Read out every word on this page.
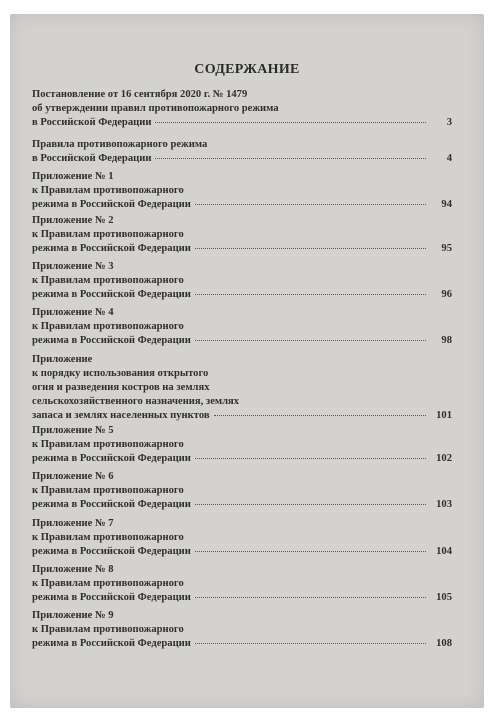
СОДЕРЖАНИЕ
Постановление от 16 сентября 2020 г. № 1479
об утверждении правил противопожарного режима
в Российской Федерации	3
Правила противопожарного режима
в Российской Федерации	4
Приложение № 1
к Правилам противопожарного
режима в Российской Федерации	94
Приложение № 2
к Правилам противопожарного
режима в Российской Федерации	95
Приложение № 3
к Правилам противопожарного
режима в Российской Федерации	96
Приложение № 4
к Правилам противопожарного
режима в Российской Федерации	98
Приложение
к порядку использования открытого
огня и разведения костров на землях
сельскохозяйственного назначения, землях
запаса и землях населенных пунктов	101
Приложение № 5
к Правилам противопожарного
режима в Российской Федерации	102
Приложение № 6
к Правилам противопожарного
режима в Российской Федерации	103
Приложение № 7
к Правилам противопожарного
режима в Российской Федерации	104
Приложение № 8
к Правилам противопожарного
режима в Российской Федерации	105
Приложение № 9
к Правилам противопожарного
режима в Российской Федерации	108
